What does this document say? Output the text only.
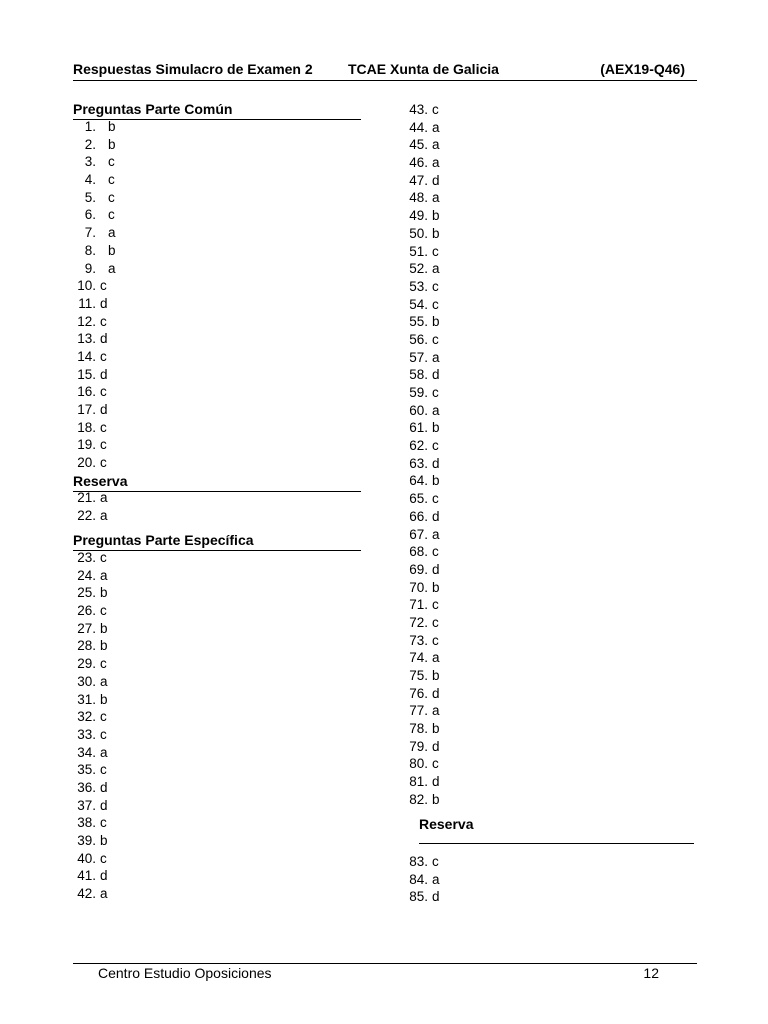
Respuestas Simulacro de Examen 2	TCAE Xunta de Galicia	(AEX19-Q46)
Preguntas Parte Común
1. b
2. b
3. c
4. c
5. c
6. c
7. a
8. b
9. a
10. c
11. d
12. c
13. d
14. c
15. d
16. c
17. d
18. c
19. c
20. c
Reserva
21. a
22. a
Preguntas Parte Específica
23. c
24. a
25. b
26. c
27. b
28. b
29. c
30. a
31. b
32. c
33. c
34. a
35. c
36. d
37. d
38. c
39. b
40. c
41. d
42. a
43. c
44. a
45. a
46. a
47. d
48. a
49. b
50. b
51. c
52. a
53. c
54. c
55. b
56. c
57. a
58. d
59. c
60. a
61. b
62. c
63. d
64. b
65. c
66. d
67. a
68. c
69. d
70. b
71. c
72. c
73. c
74. a
75. b
76. d
77. a
78. b
79. d
80. c
81. d
82. b
Reserva
83. c
84. a
85. d
Centro Estudio Oposiciones	12
